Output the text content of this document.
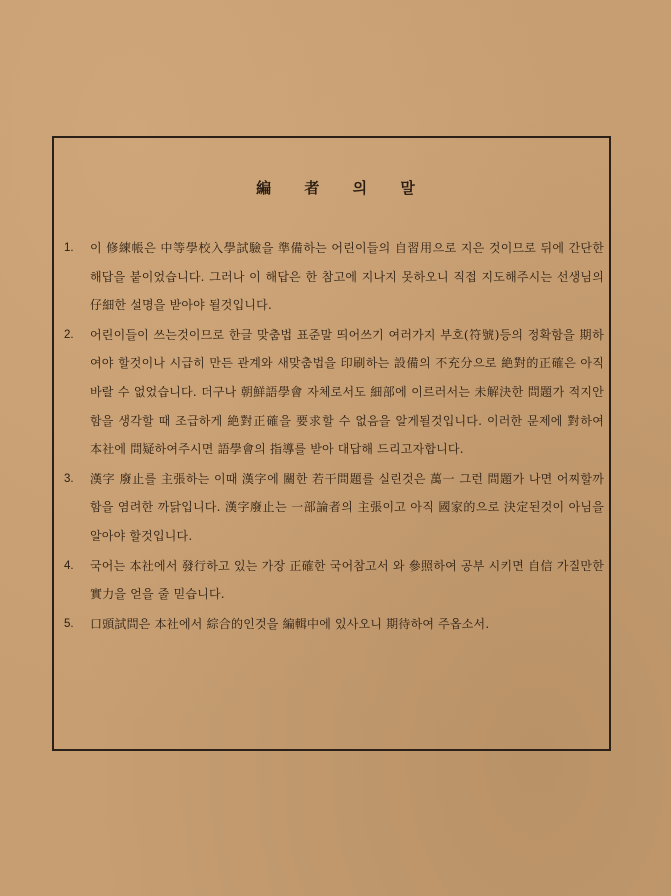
編 者 의 말
1. 이 修練帳은 中等學校入學試驗을 準備하는 어린이들의 自習用으로 지은 것이므로 뒤에 간단한 해답을 붙이었습니다. 그러나 이 해답은 한 참고에 지나지 못하오니 직접 지도해주시는 선생님의 仔細한 설명을 받아야 될것입니다.
2. 어린이들이 쓰는것이므로 한글 맞춤법 표준말 띄어쓰기 여러가지 부호(符號)등의 정확함을 期하여야 할것이나 시급히 만든 관계와 새맞춤법을 印刷하는 設備의 不充分으로 絶對的正確은 아직 바랄 수 없었습니다. 더구나 朝鮮語學會 자체로서도 細部에 이르러서는 未解決한 問題가 적지안함을 생각할 때 조급하게 絶對正確을 要求할 수 없음을 알게될것입니다. 이러한 문제에 對하여 本社에 問疑하여주시면 語學會의 指導를 받아 대답해 드리고자합니다.
3. 漢字 廢止를 主張하는 이때 漢字에 關한 若干問題를 실린것은 萬一 그런 問題가 나면 어찌할까함을 염려한 까닭입니다. 漢字廢止는 一部論者의 主張이고 아직 國家的으로 決定된것이 아님을 알아야 할것입니다.
4. 국어는 本社에서 發行하고 있는 가장 正確한 국어참고서 와 參照하여 공부 시키면 自信 가질만한 實力을 얻을 줄 믿습니다.
5. 口頭試問은 本社에서 綜合的인것을 編輯中에 있사오니 期待하여 주옵소서.
